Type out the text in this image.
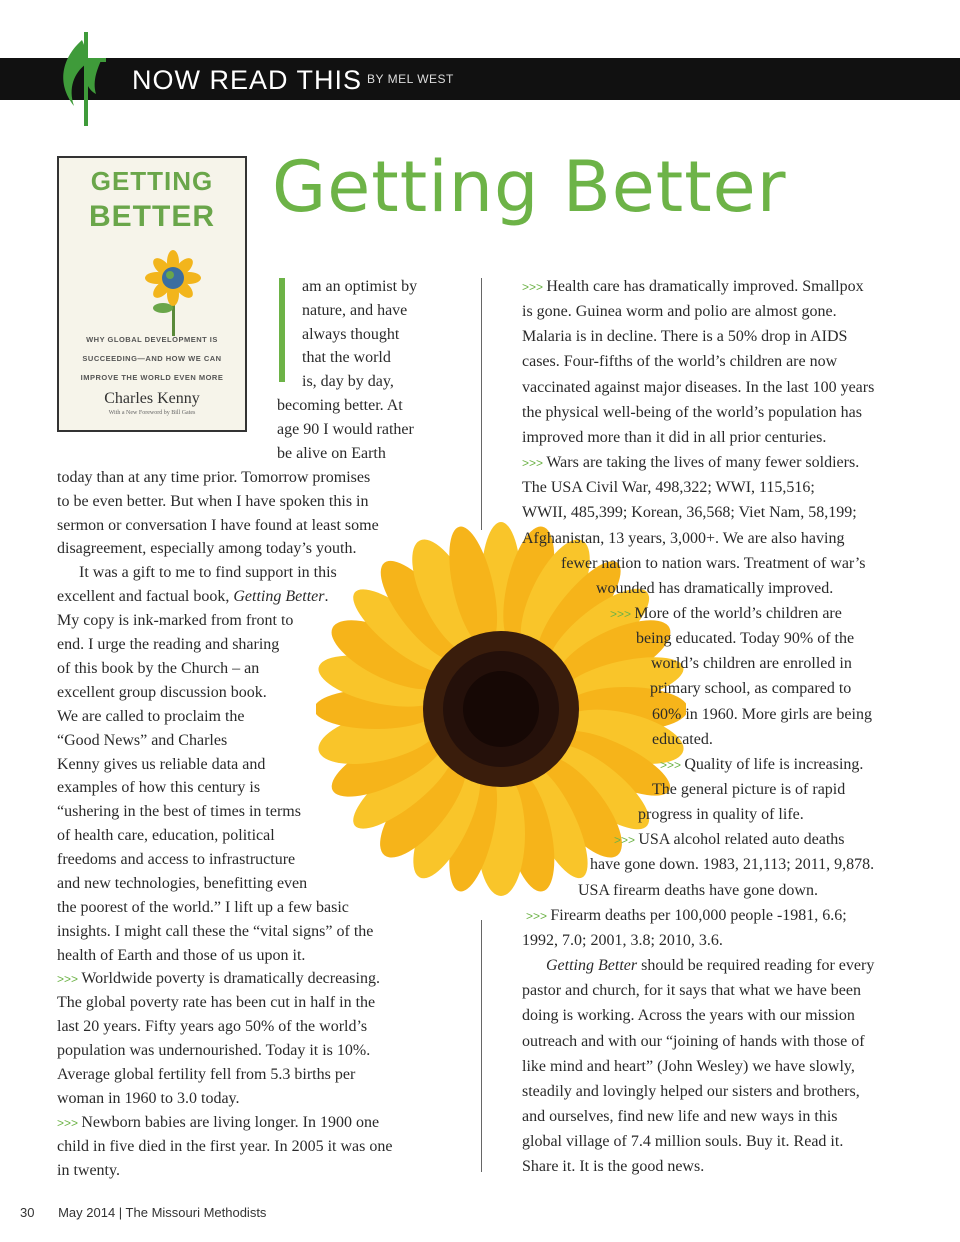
NOW READ THIS BY MEL WEST
GETTING
BETTER
WHY GLOBAL DEVELOPMENT IS
SUCCEEDING—AND HOW WE CAN
IMPROVE THE WORLD EVEN MORE
Charles Kenny
With a New Foreword by Bill Gates
Getting Better
am an optimist by
nature, and have
always thought
that the world
is, day by day,
becoming better. At
age 90 I would rather
be alive on Earth
today than at any time prior. Tomorrow promises
to be even better. But when I have spoken this in
sermon or conversation I have found at least some
disagreement, especially among today’s youth.
It was a gift to me to find support in this
excellent and factual book, Getting Better.
My copy is ink-marked from front to
end. I urge the reading and sharing
of this book by the Church – an
excellent group discussion book.
We are called to proclaim the
“Good News” and Charles
Kenny gives us reliable data and
examples of how this century is
“ushering in the best of times in terms
of health care, education, political
freedoms and access to infrastructure
and new technologies, benefitting even
the poorest of the world.” I lift up a few basic
insights. I might call these the “vital signs” of the
health of Earth and those of us upon it.
>>> Worldwide poverty is dramatically decreasing.
The global poverty rate has been cut in half in the
last 20 years. Fifty years ago 50% of the world’s
population was undernourished. Today it is 10%.
Average global fertility fell from 5.3 births per
woman in 1960 to 3.0 today.
>>> Newborn babies are living longer. In 1900 one
child in five died in the first year. In 2005 it was one
in twenty.
>>> Health care has dramatically improved. Smallpox
is gone. Guinea worm and polio are almost gone.
Malaria is in decline. There is a 50% drop in AIDS
cases. Four-fifths of the world’s children are now
vaccinated against major diseases. In the last 100 years
the physical well-being of the world’s population has
improved more than it did in all prior centuries.
>>> Wars are taking the lives of many fewer soldiers.
The USA Civil War, 498,322; WWI, 115,516;
WWII, 485,399; Korean, 36,568; Viet Nam, 58,199;
Afghanistan, 13 years, 3,000+. We are also having
fewer nation to nation wars. Treatment of war’s
wounded has dramatically improved.
>>> More of the world’s children are
being educated. Today 90% of the
world’s children are enrolled in
primary school, as compared to
60% in 1960. More girls are being
educated.
>>> Quality of life is increasing.
The general picture is of rapid
progress in quality of life.
>>> USA alcohol related auto deaths
have gone down. 1983, 21,113; 2011, 9,878.
USA firearm deaths have gone down.
>>> Firearm deaths per 100,000 people -1981, 6.6;
1992, 7.0; 2001, 3.8; 2010, 3.6.
Getting Better should be required reading for every
pastor and church, for it says that what we have been
doing is working. Across the years with our mission
outreach and with our “joining of hands with those of
like mind and heart” (John Wesley) we have slowly,
steadily and lovingly helped our sisters and brothers,
and ourselves, find new life and new ways in this
global village of 7.4 million souls. Buy it. Read it.
Share it. It is the good news.
30 May 2014 | The Missouri Methodists
